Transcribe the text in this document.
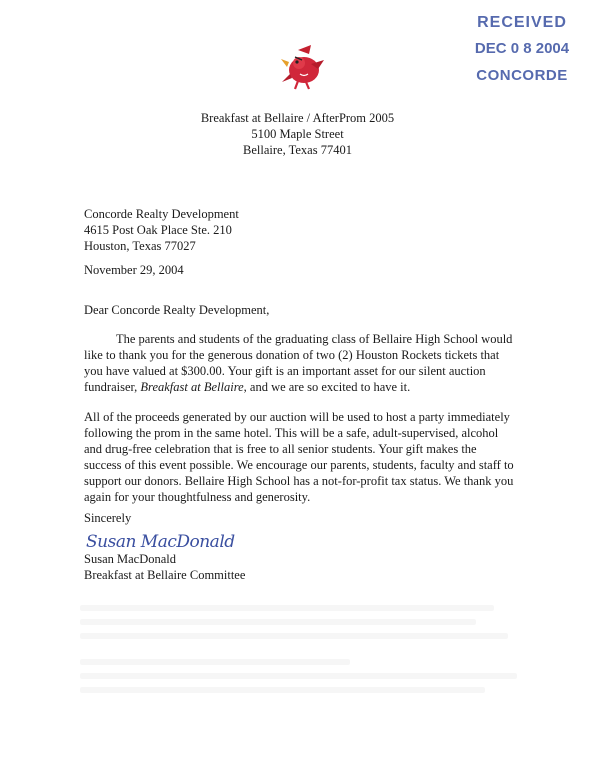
RECEIVED
DEC 0 8 2004
CONCORDE
Breakfast at Bellaire / AfterProm 2005
5100 Maple Street
Bellaire, Texas 77401
Concorde Realty Development
4615 Post Oak Place Ste. 210
Houston, Texas 77027
November 29, 2004
Dear Concorde Realty Development,
The parents and students of the graduating class of Bellaire High School would like to thank you for the generous donation of two (2) Houston Rockets tickets that you have valued at $300.00. Your gift is an important asset for our silent auction fundraiser, Breakfast at Bellaire, and we are so excited to have it.
All of the proceeds generated by our auction will be used to host a party immediately following the prom in the same hotel. This will be a safe, adult-supervised, alcohol and drug-free celebration that is free to all senior students. Your gift makes the success of this event possible. We encourage our parents, students, faculty and staff to support our donors. Bellaire High School has a not-for-profit tax status. We thank you again for your thoughtfulness and generosity.
Sincerely
Susan MacDonald
Susan MacDonald
Breakfast at Bellaire Committee
